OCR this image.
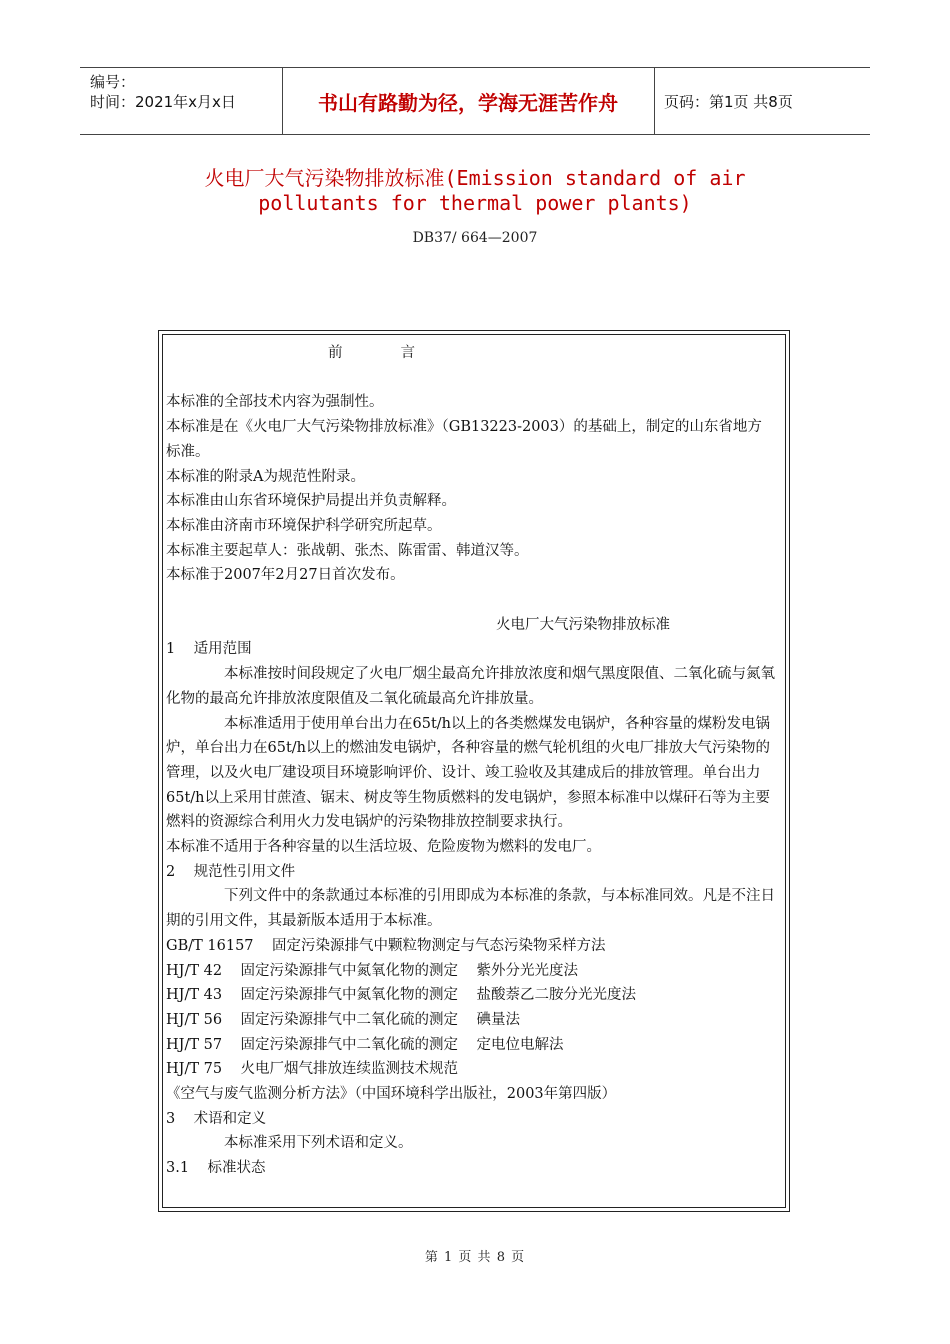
编号：
时间：2021年x月x日	书山有路勤为径，学海无涯苦作舟	页码：第1页 共8页
火电厂大气污染物排放标准(Emission standard of air
pollutants for thermal power plants)
DB37/ 664—2007

前	言

本标准的全部技术内容为强制性。

本标准是在《火电厂大气污染物排放标准》（GB13223-2003）的基础上，制定的山东省地方标准。

本标准的附录A为规范性附录。

本标准由山东省环境保护局提出并负责解释。

本标准由济南市环境保护科学研究所起草。

本标准主要起草人：张战朝、张杰、陈雷雷、韩道汉等。

本标准于2007年2月27日首次发布。

火电厂大气污染物排放标准

1    适用范围

本标准按时间段规定了火电厂烟尘最高允许排放浓度和烟气黑度限值、二氧化硫与氮氧化物的最高允许排放浓度限值及二氧化硫最高允许排放量。

本标准适用于使用单台出力在65t/h以上的各类燃煤发电锅炉，各种容量的煤粉发电锅炉，单台出力在65t/h以上的燃油发电锅炉，各种容量的燃气轮机组的火电厂排放大气污染物的管理，以及火电厂建设项目环境影响评价、设计、竣工验收及其建成后的排放管理。单台出力65t/h以上采用甘蔗渣、锯末、树皮等生物质燃料的发电锅炉，参照本标准中以煤矸石等为主要燃料的资源综合利用火力发电锅炉的污染物排放控制要求执行。

本标准不适用于各种容量的以生活垃圾、危险废物为燃料的发电厂。

2    规范性引用文件

下列文件中的条款通过本标准的引用即成为本标准的条款，与本标准同效。凡是不注日期的引用文件，其最新版本适用于本标准。

GB/T 16157    固定污染源排气中颗粒物测定与气态污染物采样方法

HJ/T 42    固定污染源排气中氮氧化物的测定    紫外分光光度法

HJ/T 43    固定污染源排气中氮氧化物的测定    盐酸萘乙二胺分光光度法

HJ/T 56    固定污染源排气中二氧化硫的测定    碘量法

HJ/T 57    固定污染源排气中二氧化硫的测定    定电位电解法

HJ/T 75    火电厂烟气排放连续监测技术规范

《空气与废气监测分析方法》（中国环境科学出版社，2003年第四版）

3    术语和定义

本标准采用下列术语和定义。

3.1    标准状态

第 1 页 共 8 页
